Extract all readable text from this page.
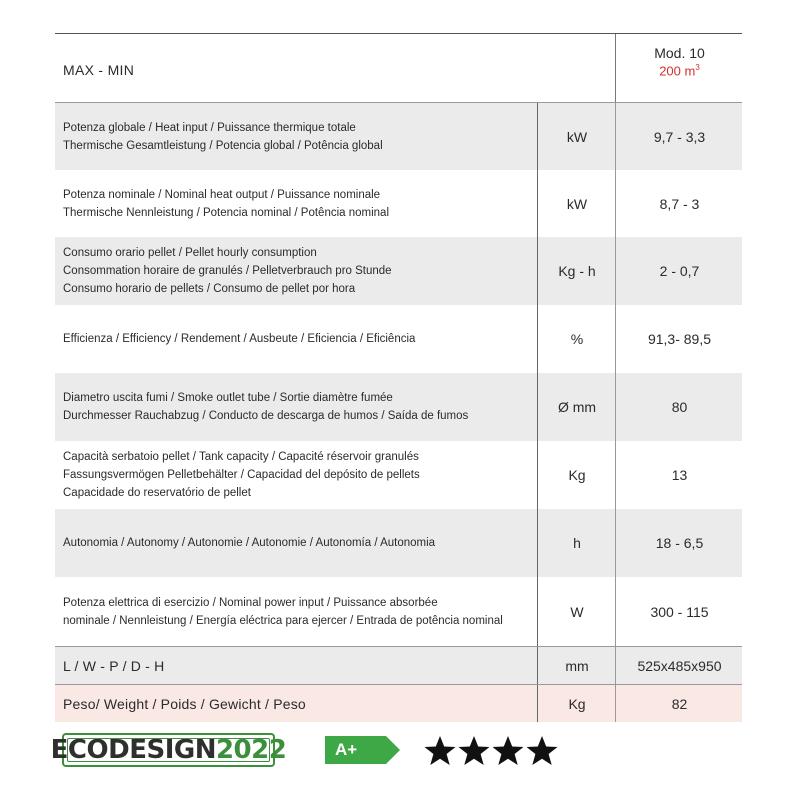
MAX - MIN
Mod. 10
200 $m^3$
Potenza globale / Heat input / Puissance thermique totale
Thermische Gesamtleistung / Potencia global / Potência global
kW	9,7 - 3,3
Potenza nominale / Nominal heat output / Puissance nominale
Thermische Nennleistung / Potencia nominal / Potência nominal
kW	8,7 - 3
Consumo orario pellet / Pellet hourly consumption
Consommation horaire de granulés / Pelletverbrauch pro Stunde
Consumo horario de pellets / Consumo de pellet por hora
Kg - h	2 - 0,7
Efficienza / Efficiency / Rendement / Ausbeute / Eficiencia / Eficiência	%	91,3- 89,5
Diametro uscita fumi / Smoke outlet tube / Sortie diamètre fumée
Durchmesser Rauchabzug / Conducto de descarga de humos / Saída de fumos
Ø mm	80
Capacità serbatoio pellet / Tank capacity / Capacité réservoir granulés
Fassungsvermögen Pelletbehälter / Capacidad del depósito de pellets
Capacidade do reservatório de pellet
Kg	13
Autonomia / Autonomy / Autonomie / Autonomie / Autonomía / Autonomia	h	18 - 6,5
Potenza elettrica di esercizio / Nominal power input / Puissance absorbée
nominale / Nennleistung / Energía eléctrica para ejercer / Entrada de potência nominal
W	300 - 115
L / W - P / D - H	mm	525x485x950
Peso/ Weight / Poids / Gewicht / Peso	Kg	82
ECO DESIGN 2022	A+
